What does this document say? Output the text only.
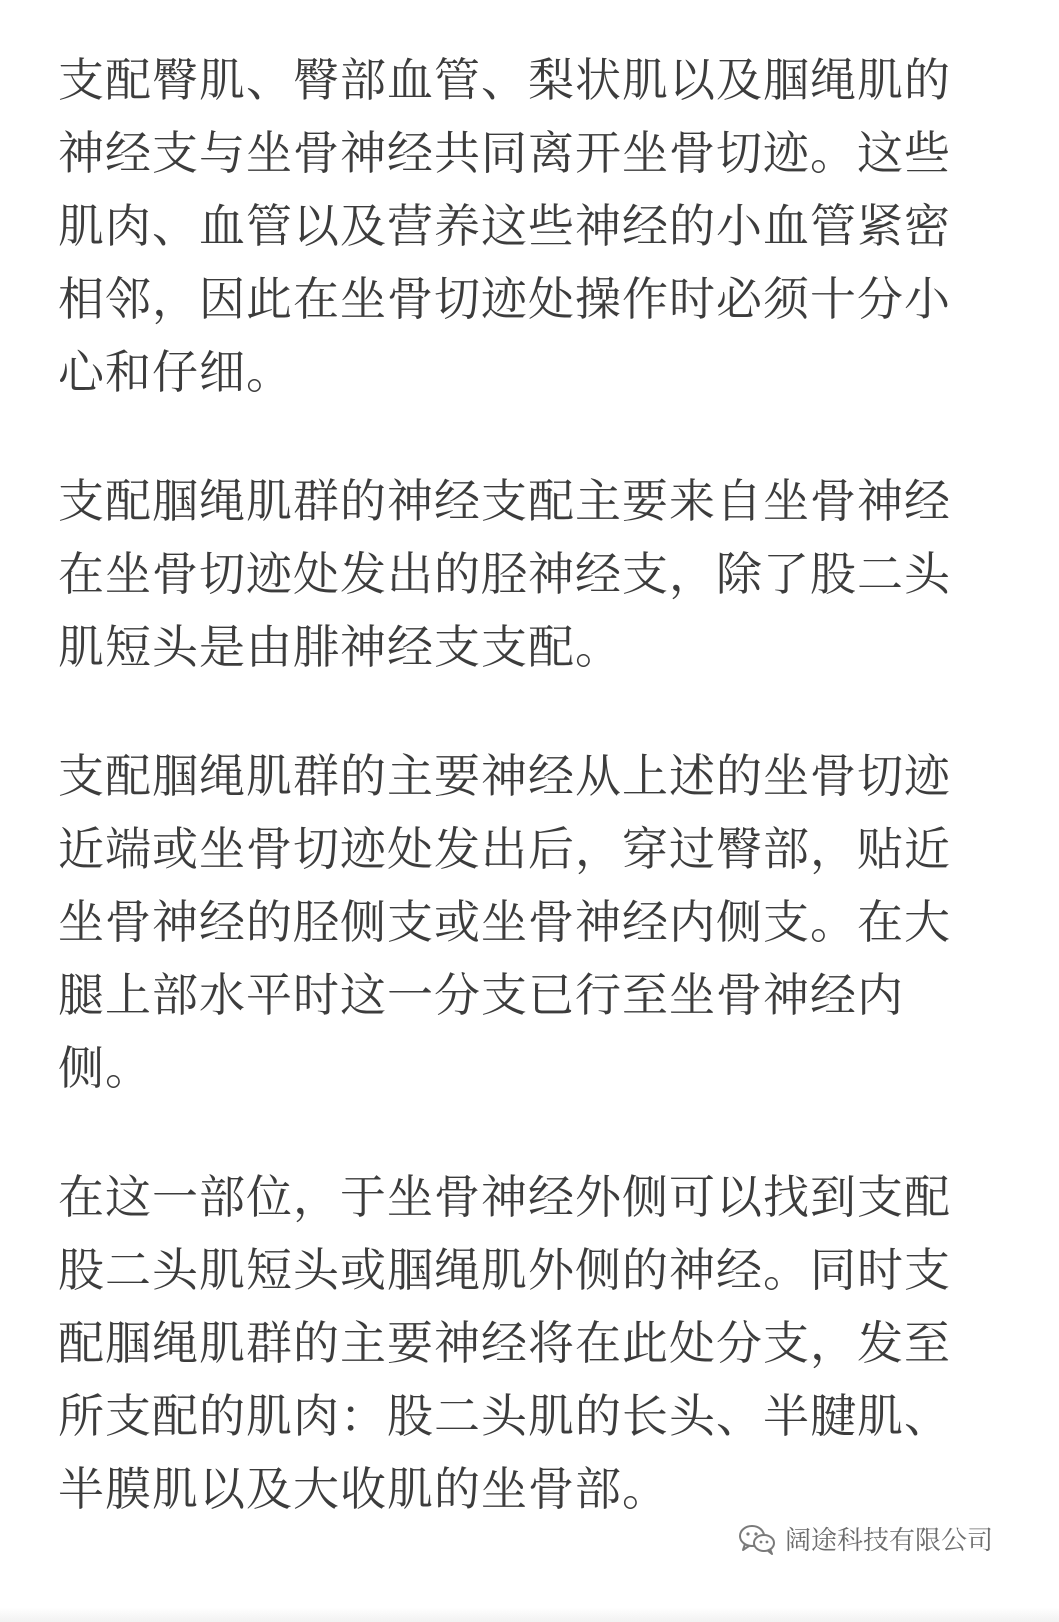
支配臀肌、臀部血管、梨状肌以及腘绳肌的
神经支与坐骨神经共同离开坐骨切迹。这些
肌肉、血管以及营养这些神经的小血管紧密
相邻，因此在坐骨切迹处操作时必须十分小
心和仔细。

支配腘绳肌群的神经支配主要来自坐骨神经
在坐骨切迹处发出的胫神经支，除了股二头
肌短头是由腓神经支支配。

支配腘绳肌群的主要神经从上述的坐骨切迹
近端或坐骨切迹处发出后，穿过臀部，贴近
坐骨神经的胫侧支或坐骨神经内侧支。在大
腿上部水平时这一分支已行至坐骨神经内
侧。

在这一部位，于坐骨神经外侧可以找到支配
股二头肌短头或腘绳肌外侧的神经。同时支
配腘绳肌群的主要神经将在此处分支，发至
所支配的肌肉：股二头肌的长头、半腱肌、
半膜肌以及大收肌的坐骨部。

阔途科技有限公司
